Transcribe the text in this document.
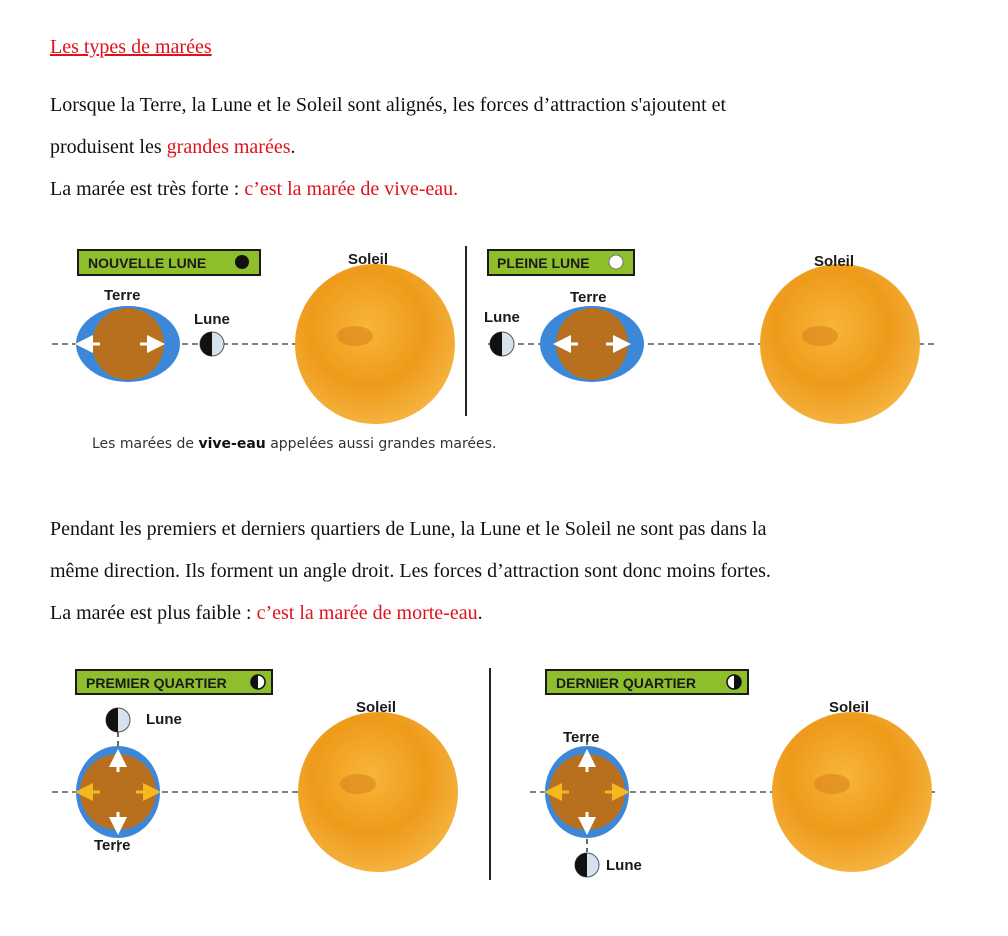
Les types de marées

Lorsque la Terre, la Lune et le Soleil sont alignés, les forces d’attraction s'ajoutent et
produisent les grandes marées.
La marée est très forte : c’est la marée de vive-eau.

NOUVELLE LUNE
Terre
Lune
Soleil	PLEINE LUNE
Lune
Terre
Soleil
Les marées de vive-eau appelées aussi grandes marées.

Pendant les premiers et derniers quartiers de Lune, la Lune et le Soleil ne sont pas dans la
même direction. Ils forment un angle droit. Les forces d’attraction sont donc moins fortes.
La marée est plus faible : c’est la marée de morte-eau.

PREMIER QUARTIER
Lune
Terre
Soleil
DERNIER QUARTIER
Terre
Lune
Soleil
